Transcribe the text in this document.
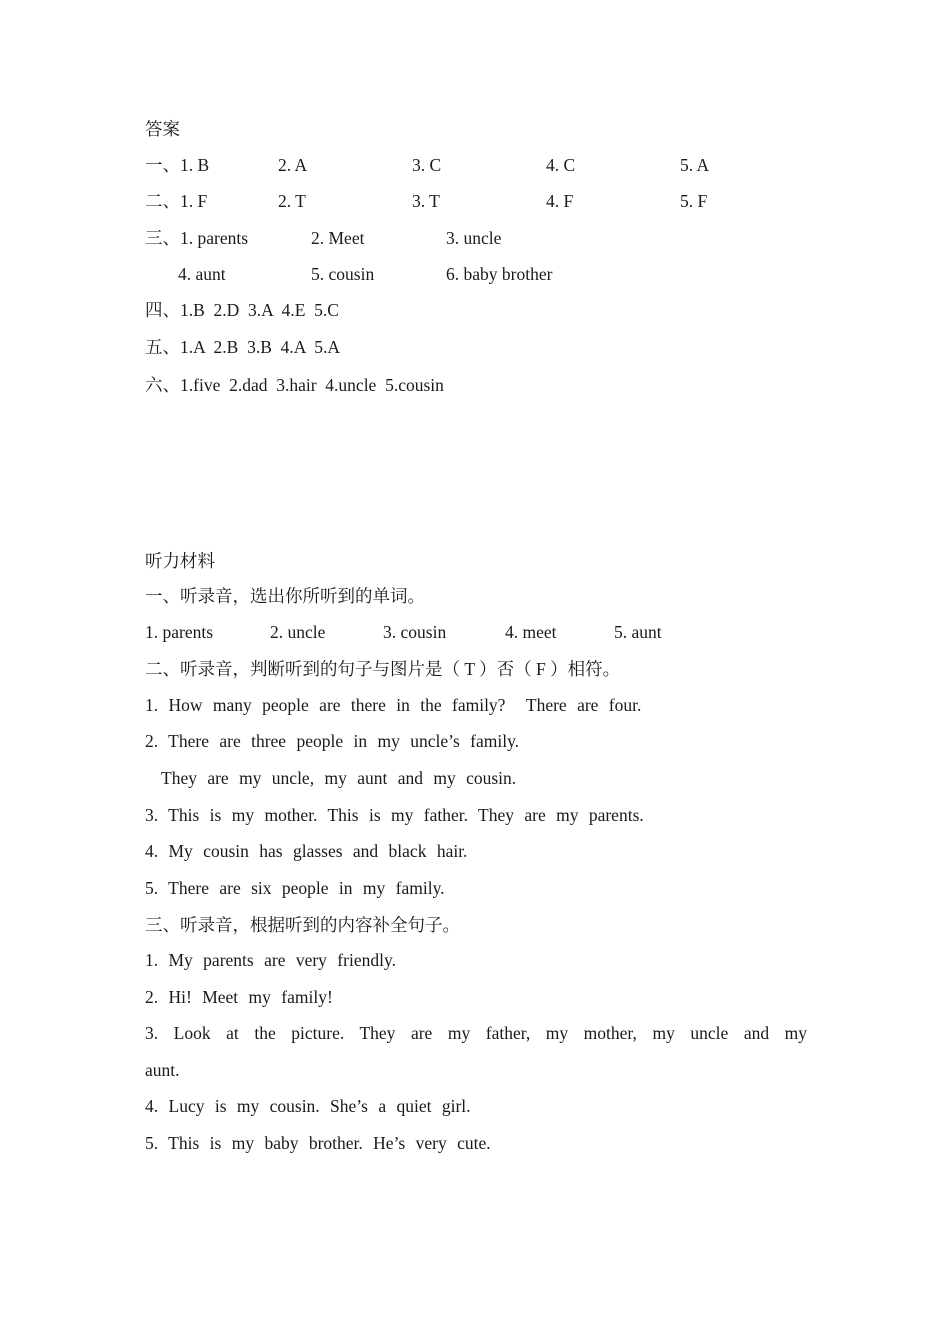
答案
一、1. B	2. A	3. C	4. C	5. A
二、1. F	2. T	3. T	4. F	5. F
三、1. parents	2. Meet	3. uncle
4. aunt	5. cousin	6. baby brother
四、1.B  2.D  3.A  4.E  5.C
五、1.A  2.B  3.B  4.A  5.A
六、1.five  2.dad  3.hair  4.uncle  5.cousin
听力材料
一、听录音，选出你所听到的单词。
1. parents	2. uncle	3. cousin	4. meet	5. aunt
二、听录音，判断听到的句子与图片是（ T ）否（ F ）相符。
1. How many people are there in the family?  There are four.
2. There are three people in my uncle’s family.
They are my uncle, my aunt and my cousin.
3. This is my mother. This is my father. They are my parents.
4. My cousin has glasses and black hair.
5. There are six people in my family.
三、听录音，根据听到的内容补全句子。
1. My parents are very friendly.
2. Hi! Meet my family!
3. Look at the picture. They are my father, my mother, my uncle and my
aunt.
4. Lucy is my cousin. She’s a quiet girl.
5. This is my baby brother. He’s very cute.
